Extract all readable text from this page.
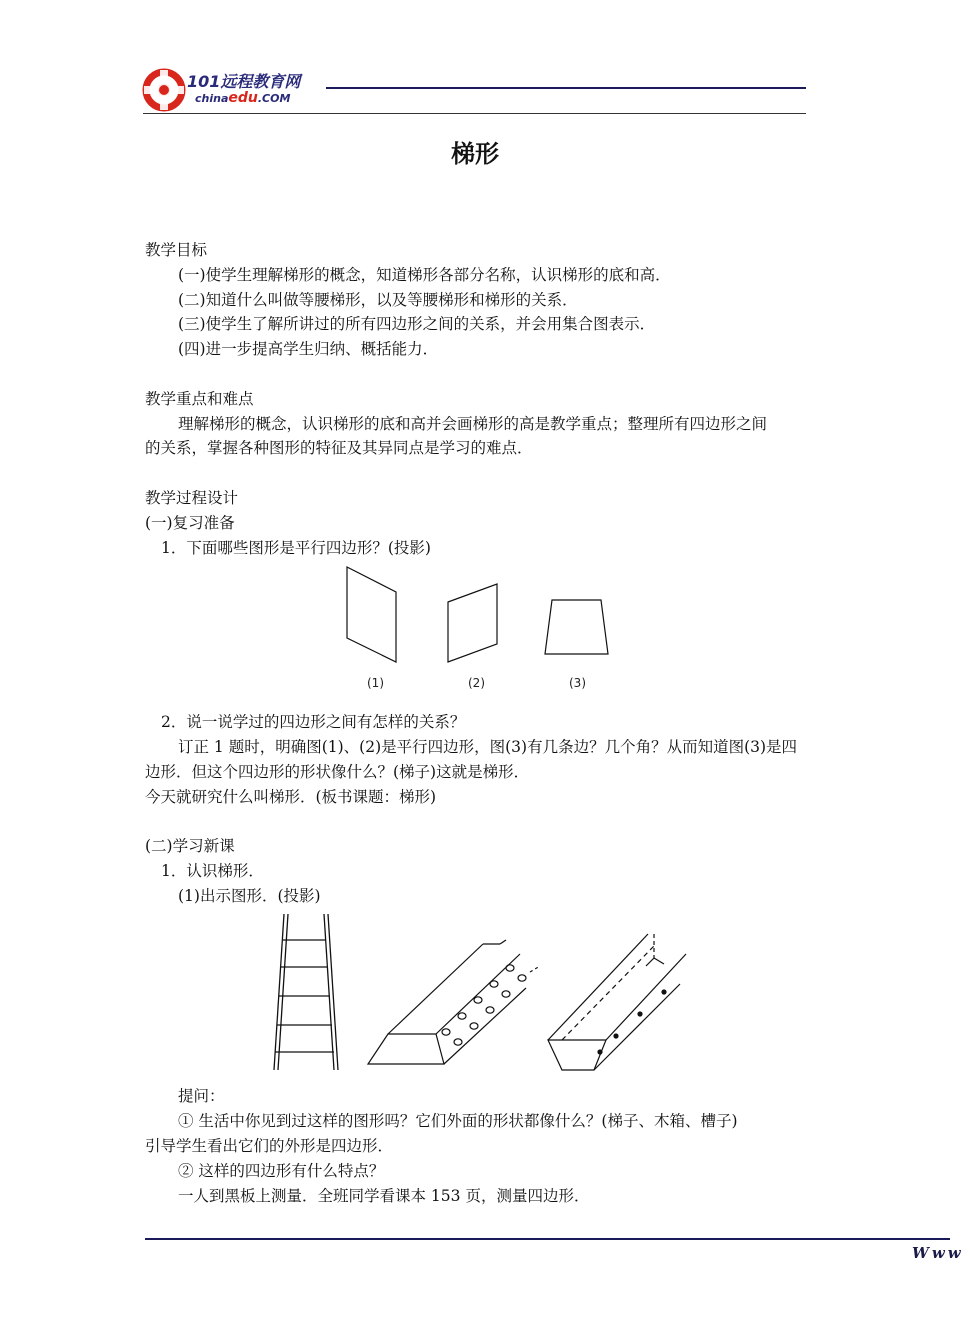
101远程教育网
chinaedu.COM
梯形
教学目标
(一)使学生理解梯形的概念，知道梯形各部分名称，认识梯形的底和高．
(二)知道什么叫做等腰梯形，以及等腰梯形和梯形的关系．
(三)使学生了解所讲过的所有四边形之间的关系，并会用集合图表示．
(四)进一步提高学生归纳、概括能力．
教学重点和难点
理解梯形的概念，认识梯形的底和高并会画梯形的高是教学重点；整理所有四边形之间
的关系，掌握各种图形的特征及其异同点是学习的难点．
教学过程设计
(一)复习准备
1．下面哪些图形是平行四边形？(投影)
(1)	(2)	(3)
2．说一说学过的四边形之间有怎样的关系？
订正 1 题时，明确图(1)、(2)是平行四边形，图(3)有几条边？几个角？从而知道图(3)是四
边形．但这个四边形的形状像什么？(梯子)这就是梯形．
今天就研究什么叫梯形．(板书课题：梯形)
(二)学习新课
1．认识梯形．
(1)出示图形．(投影)
提问：
① 生活中你见到过这样的图形吗？它们外面的形状都像什么？(梯子、木箱、槽子)
引导学生看出它们的外形是四边形．
② 这样的四边形有什么特点？
一人到黑板上测量．全班同学看课本 153 页，测量四边形．
Www
